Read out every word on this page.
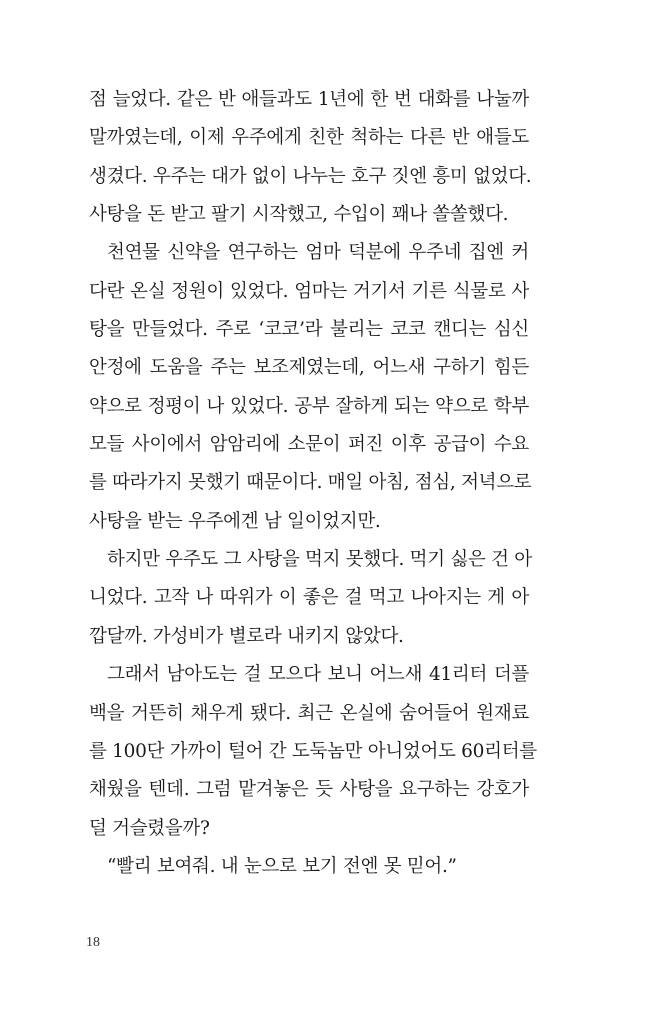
점 늘었다. 같은 반 애들과도 1년에 한 번 대화를 나눌까
말까였는데, 이제 우주에게 친한 척하는 다른 반 애들도
생겼다. 우주는 대가 없이 나누는 호구 짓엔 흥미 없었다.
사탕을 돈 받고 팔기 시작했고, 수입이 꽤나 쏠쏠했다.
천연물 신약을 연구하는 엄마 덕분에 우주네 집엔 커
다란 온실 정원이 있었다. 엄마는 거기서 기른 식물로 사
탕을 만들었다. 주로 ‘코코’라 불리는 코코 캔디는 심신
안정에 도움을 주는 보조제였는데, 어느새 구하기 힘든
약으로 정평이 나 있었다. 공부 잘하게 되는 약으로 학부
모들 사이에서 암암리에 소문이 퍼진 이후 공급이 수요
를 따라가지 못했기 때문이다. 매일 아침, 점심, 저녁으로
사탕을 받는 우주에겐 남 일이었지만.
하지만 우주도 그 사탕을 먹지 못했다. 먹기 싫은 건 아
니었다. 고작 나 따위가 이 좋은 걸 먹고 나아지는 게 아
깝달까. 가성비가 별로라 내키지 않았다.
그래서 남아도는 걸 모으다 보니 어느새 41리터 더플
백을 거뜬히 채우게 됐다. 최근 온실에 숨어들어 원재료
를 100단 가까이 털어 간 도둑놈만 아니었어도 60리터를
채웠을 텐데. 그럼 맡겨놓은 듯 사탕을 요구하는 강호가
덜 거슬렸을까?
“빨리 보여줘. 내 눈으로 보기 전엔 못 믿어.”
18
